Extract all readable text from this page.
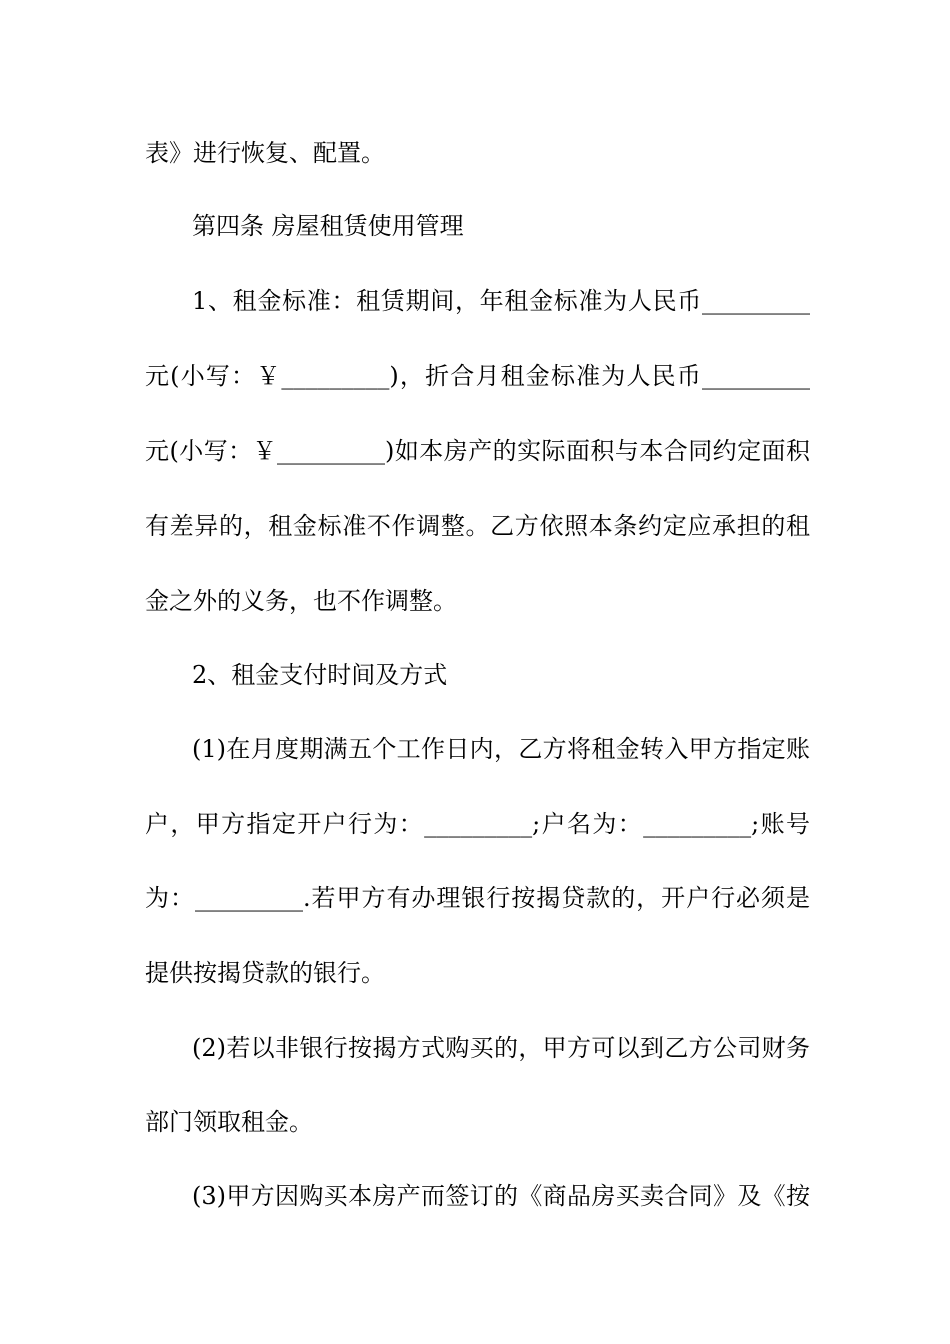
表》进行恢复、配置。
第四条 房屋租赁使用管理
1、租金标准：租赁期间，年租金标准为人民币_________
元(小写：￥_________)，折合月租金标准为人民币_________
元(小写：￥_________)如本房产的实际面积与本合同约定面积
有差异的，租金标准不作调整。乙方依照本条约定应承担的租
金之外的义务，也不作调整。
2、租金支付时间及方式
(1)在月度期满五个工作日内，乙方将租金转入甲方指定账
户，甲方指定开户行为：_________;户名为：_________;账号
为：_________.若甲方有办理银行按揭贷款的，开户行必须是
提供按揭贷款的银行。
(2)若以非银行按揭方式购买的，甲方可以到乙方公司财务
部门领取租金。
(3)甲方因购买本房产而签订的《商品房买卖合同》及《按
